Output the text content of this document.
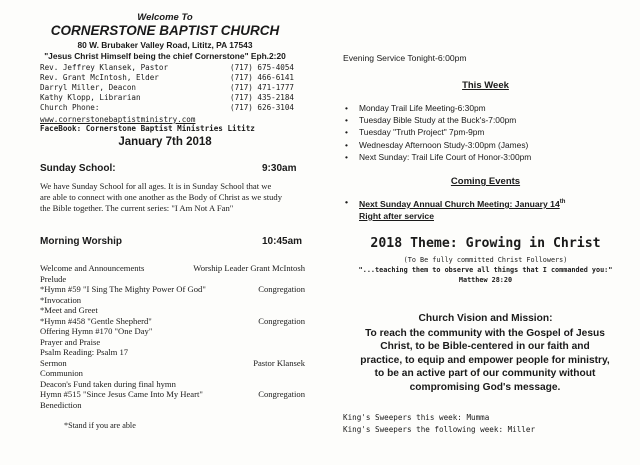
Welcome To
CORNERSTONE BAPTIST CHURCH
80 W. Brubaker Valley Road, Lititz, PA 17543
"Jesus Christ Himself being the chief Cornerstone" Eph.2:20
Rev. Jeffrey Klansek, Pastor	(717) 675-4054
Rev. Grant McIntosh, Elder	(717) 466-6141
Darryl Miller, Deacon	(717) 471-1777
Kathy Klopp, Librarian	(717) 435-2184
Church Phone:	(717) 626-3104
www.cornerstonebaptistministry.com
FaceBook: Cornerstone Baptist Ministries Lititz
January 7th 2018
Sunday School:	9:30am
We have Sunday School for all ages. It is in Sunday School that we
are able to connect with one another as the Body of Christ as we study
the Bible together. The current series: "I Am Not A Fan"
Morning Worship	10:45am
Welcome and Announcements	Worship Leader Grant McIntosh
Prelude
*Hymn #59 "I Sing The Mighty Power Of God"	Congregation
*Invocation
*Meet and Greet
*Hymn #458 "Gentle Shepherd"	Congregation
Offering Hymn #170 "One Day"
Prayer and Praise
Psalm Reading: Psalm 17
Sermon	Pastor Klansek
Communion
Deacon's Fund taken during final hymn
Hymn #515 "Since Jesus Came Into My Heart"	Congregation
Benediction
*Stand if you are able
Evening Service Tonight-6:00pm
This Week
• Monday Trail Life Meeting-6:30pm
• Tuesday Bible Study at the Buck's-7:00pm
• Tuesday "Truth Project" 7pm-9pm
• Wednesday Afternoon Study-3:00pm (James)
• Next Sunday: Trail Life Court of Honor-3:00pm
Coming Events
• Next Sunday Annual Church Meeting: January 14th
Right after service
2018 Theme: Growing in Christ
(To Be fully committed Christ Followers)
"...teaching them to observe all things that I commanded you:"
Matthew 28:20
Church Vision and Mission:
To reach the community with the Gospel of Jesus
Christ, to be Bible-centered in our faith and
practice, to equip and empower people for ministry,
to be an active part of our community without
compromising God's message.
King's Sweepers this week: Mumma
King's Sweepers the following week: Miller
